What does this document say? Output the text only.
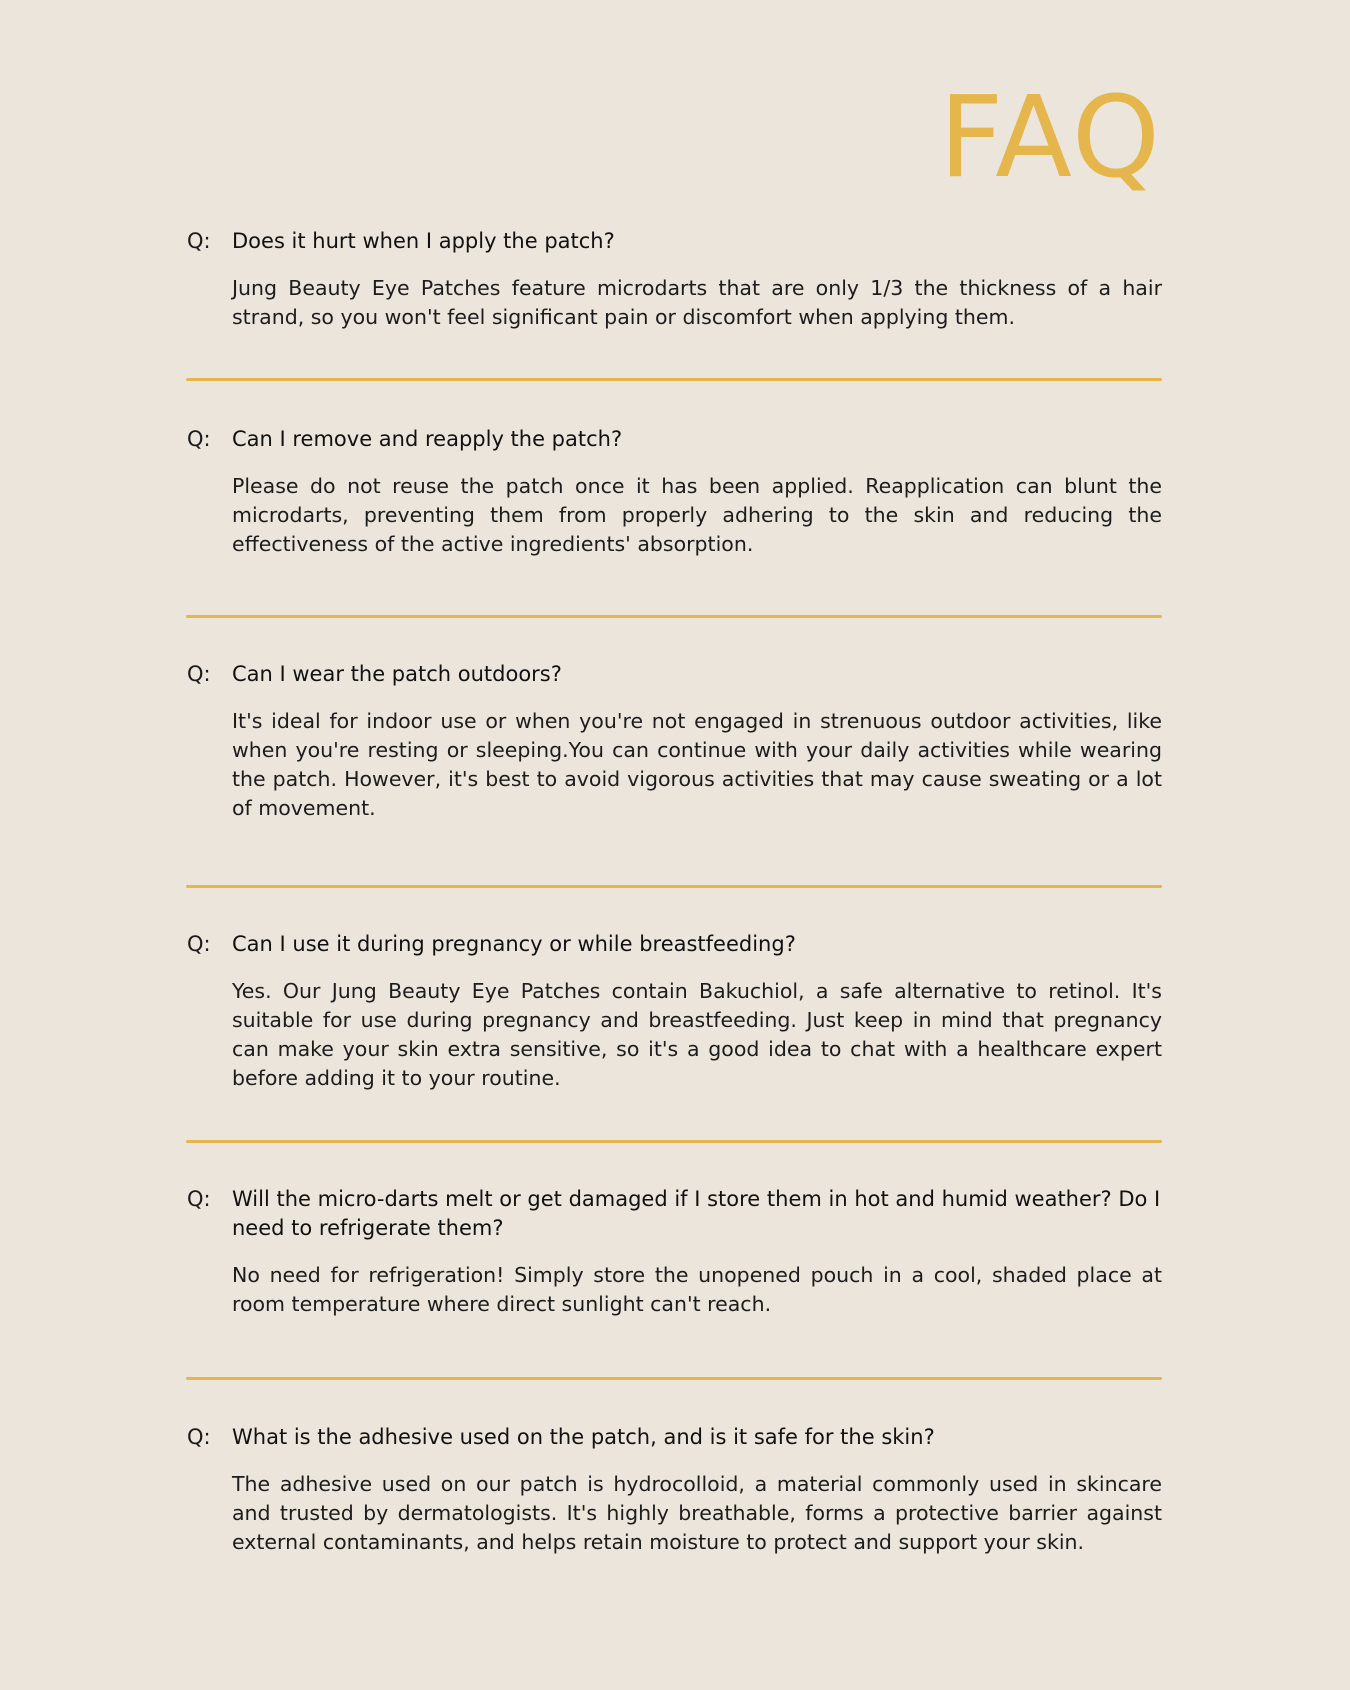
FAQ
Q:	Does it hurt when I apply the patch?
Jung Beauty Eye Patches feature microdarts that are only 1/3 the thickness of a hair strand, so you won't feel significant pain or discomfort when applying them.
Q:	Can I remove and reapply the patch?
Please do not reuse the patch once it has been applied. Reapplication can blunt the microdarts, preventing them from properly adhering to the skin and reducing the effectiveness of the active ingredients' absorption.
Q:	Can I wear the patch outdoors?
It's ideal for indoor use or when you're not engaged in strenuous outdoor activities, like when you're resting or sleeping.You can continue with your daily activities while wearing the patch. However, it's best to avoid vigorous activities that may cause sweating or a lot of movement.
Q:	Can I use it during pregnancy or while breastfeeding?
Yes. Our Jung Beauty Eye Patches contain Bakuchiol, a safe alternative to retinol. It's suitable for use during pregnancy and breastfeeding. Just keep in mind that pregnancy can make your skin extra sensitive, so it's a good idea to chat with a healthcare expert before adding it to your routine.
Q:	Will the micro-darts melt or get damaged if I store them in hot and humid weather? Do I need to refrigerate them?
No need for refrigeration! Simply store the unopened pouch in a cool, shaded place at room temperature where direct sunlight can't reach.
Q:	What is the adhesive used on the patch, and is it safe for the skin?
The adhesive used on our patch is hydrocolloid, a material commonly used in skincare and trusted by dermatologists. It's highly breathable, forms a protective barrier against external contaminants, and helps retain moisture to protect and support your skin.
